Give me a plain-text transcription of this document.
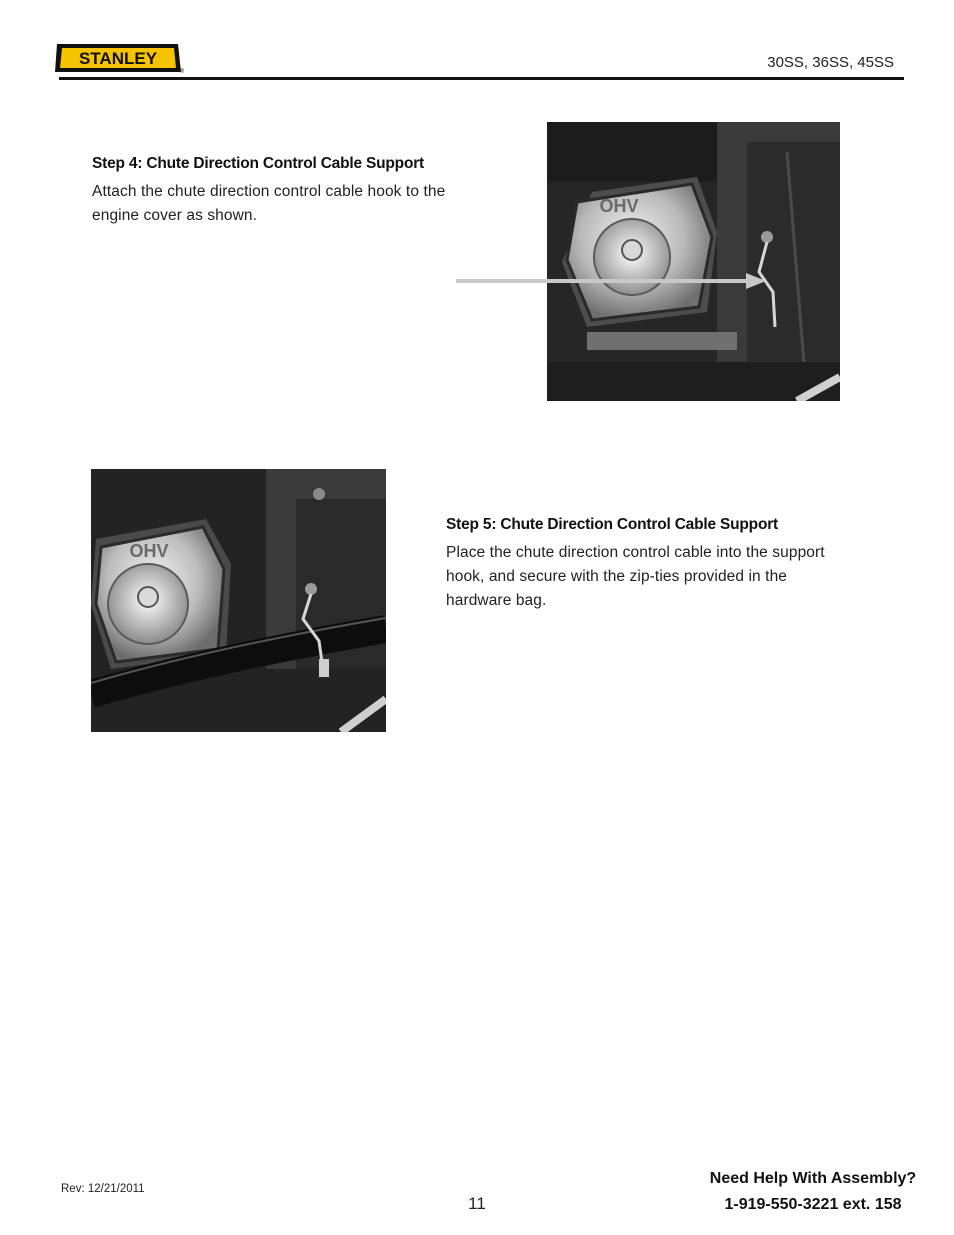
STANLEY
®
30SS, 36SS, 45SS
Step 4: Chute Direction Control Cable Support
Attach the chute direction control cable hook to the engine cover as shown.	OHV
OHV
Step 5: Chute Direction Control Cable Support
Place the chute direction control cable into the support hook, and secure with the zip-ties provided in the hardware bag.
Rev: 12/21/2011
11
Need Help With Assembly?
1-919-550-3221 ext. 158
